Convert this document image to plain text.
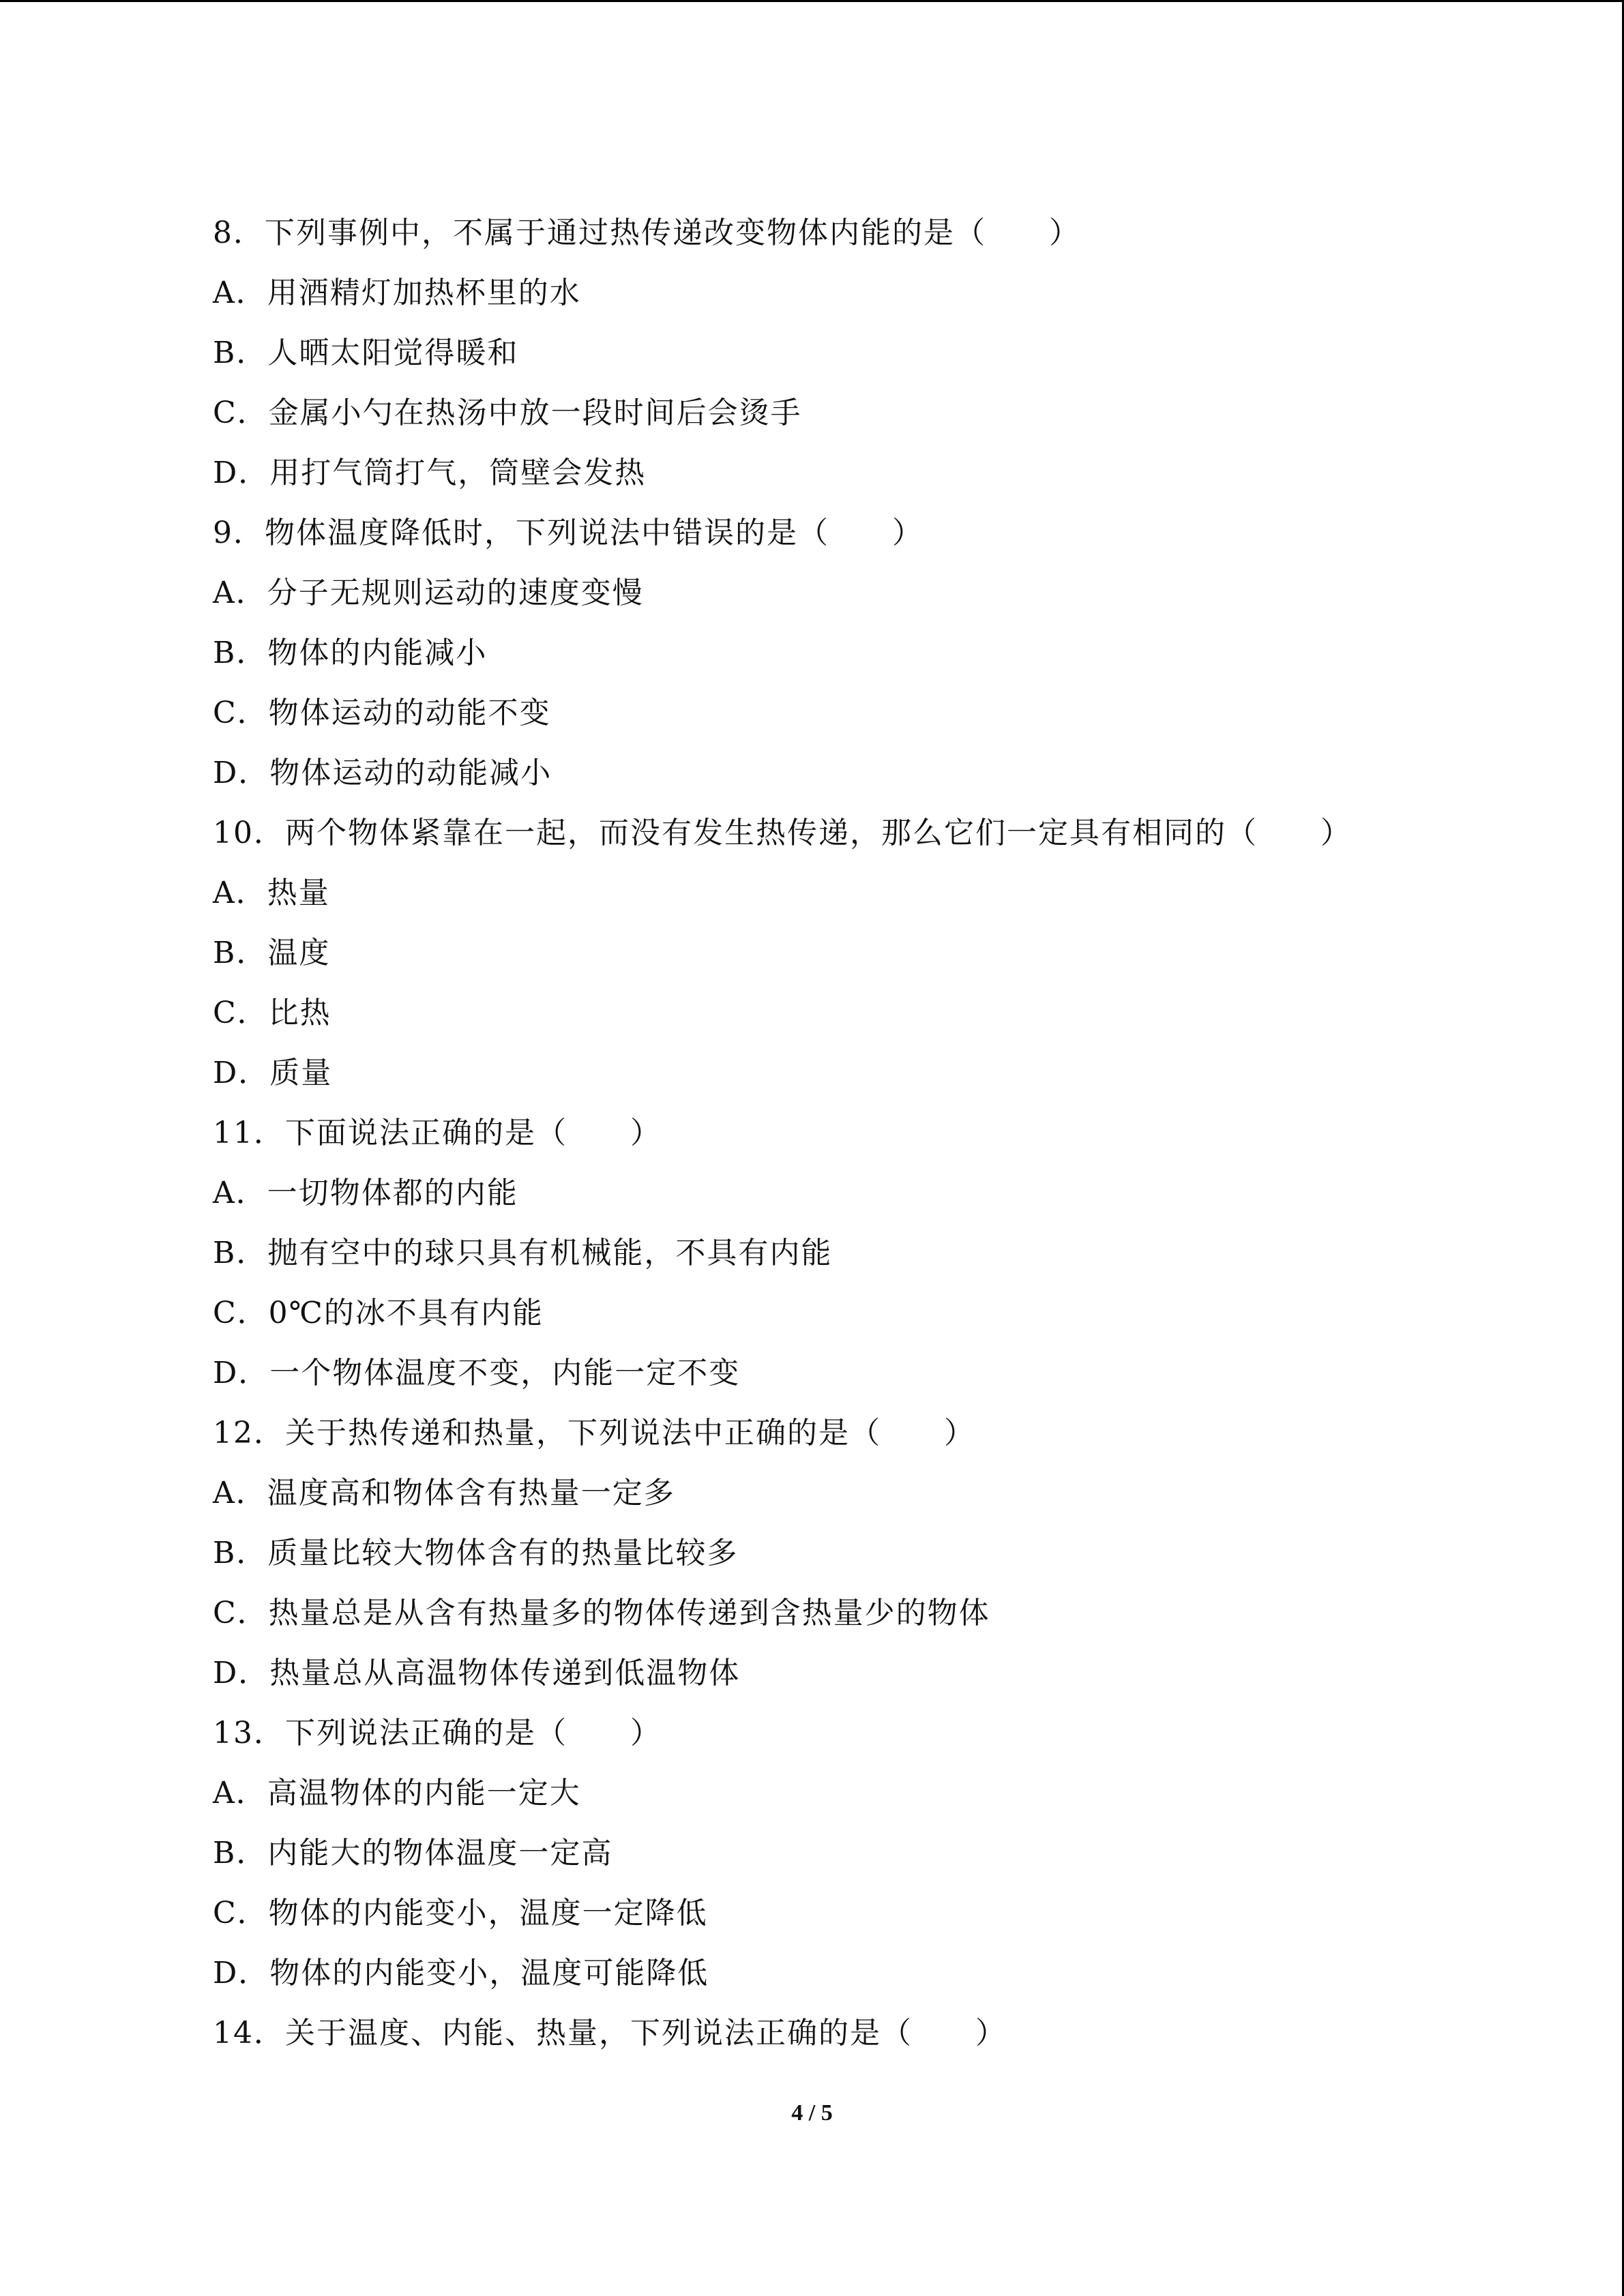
8．下列事例中，不属于通过热传递改变物体内能的是（　　）
A．用酒精灯加热杯里的水
B．人晒太阳觉得暖和
C．金属小勺在热汤中放一段时间后会烫手
D．用打气筒打气，筒壁会发热
9．物体温度降低时，下列说法中错误的是（　　）
A．分子无规则运动的速度变慢
B．物体的内能减小
C．物体运动的动能不变
D．物体运动的动能减小
10．两个物体紧靠在一起，而没有发生热传递，那么它们一定具有相同的（　　）
A．热量
B．温度
C．比热
D．质量
11．下面说法正确的是（　　）
A．一切物体都的内能
B．抛有空中的球只具有机械能，不具有内能
C．0℃的冰不具有内能
D．一个物体温度不变，内能一定不变
12．关于热传递和热量，下列说法中正确的是（　　）
A．温度高和物体含有热量一定多
B．质量比较大物体含有的热量比较多
C．热量总是从含有热量多的物体传递到含热量少的物体
D．热量总从高温物体传递到低温物体
13．下列说法正确的是（　　）
A．高温物体的内能一定大
B．内能大的物体温度一定高
C．物体的内能变小，温度一定降低
D．物体的内能变小，温度可能降低
14．关于温度、内能、热量，下列说法正确的是（　　）
4 / 5
